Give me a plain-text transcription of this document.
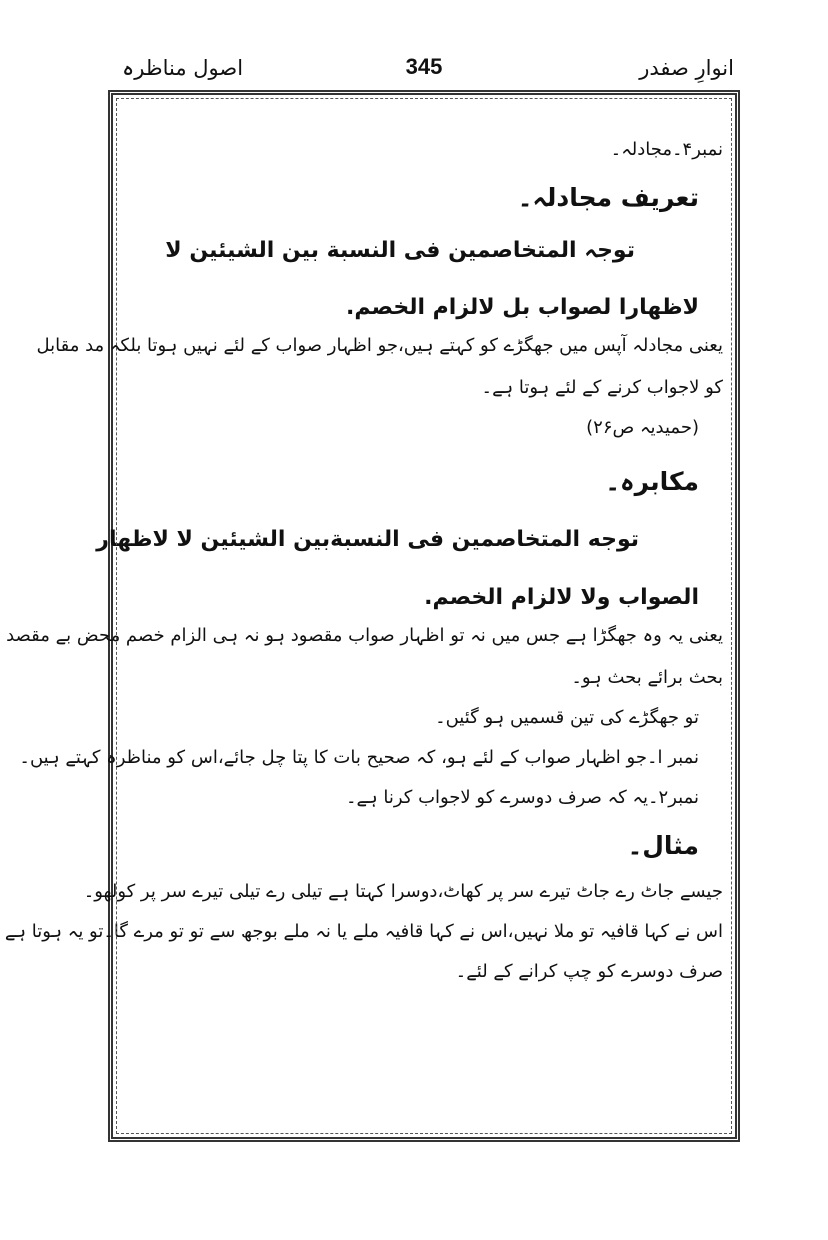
اصول مناظرہ	345	انوارِ صفدر
نمبر۴۔مجادلہ۔
تعریف مجادلہ۔
توجہ المتخاصمین فی النسبة بین الشیئین لا
لاظهارا لصواب بل لالزام الخصم.
یعنی مجادلہ آپس میں جھگڑے کو کہتے ہیں،جو اظہار صواب کے لئے نہیں ہوتا بلکہ مد مقابل
کو لاجواب کرنے کے لئے ہوتا ہے۔
(حمیدیہ ص۲۶)
مکابرہ۔
توجه المتخاصمین فی النسبةبین الشیئین لا لاظهار
الصواب ولا لالزام الخصم.
یعنی یہ وہ جھگڑا ہے جس میں نہ تو اظہار صواب مقصود ہو نہ ہی الزام خصم محض بے مقصد
بحث برائے بحث ہو۔
تو جھگڑے کی تین قسمیں ہو گئیں۔
نمبر ا۔جو اظہار صواب کے لئے ہو، کہ صحیح بات کا پتا چل جائے،اس کو مناظرہ کہتے ہیں۔
نمبر۲۔یہ کہ صرف دوسرے کو لاجواب کرنا ہے۔
مثال۔
جیسے جاٹ رے جاٹ تیرے سر پر کھاٹ،دوسرا کہتا ہے تیلی رے تیلی تیرے سر پر کولھو۔
اس نے کہا قافیہ تو ملا نہیں،اس نے کہا قافیہ ملے یا نہ ملے بوجھ سے تو تو مرے گا۔تو یہ ہوتا ہے
صرف دوسرے کو چپ کرانے کے لئے۔
